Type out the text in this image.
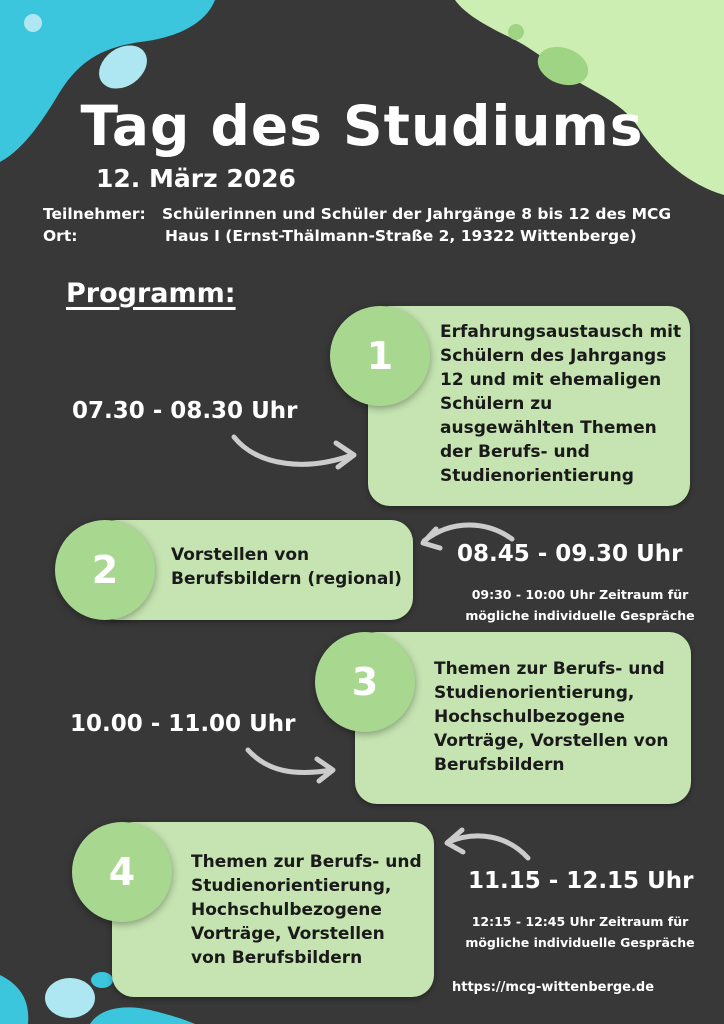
Tag des Studiums
12. März 2026
Teilnehmer: Schülerinnen und Schüler der Jahrgänge 8 bis 12 des MCG
Ort:	Haus I (Ernst-Thälmann-Straße 2, 19322 Wittenberge)
Programm:
1
Erfahrungsaustausch mit
Schülern des Jahrgangs
12 und mit ehemaligen
Schülern zu
ausgewählten Themen
der Berufs- und
Studienorientierung
07.30 - 08.30 Uhr
2	Vorstellen von
Berufsbildern (regional)
08.45 - 09.30 Uhr
09:30 - 10:00 Uhr Zeitraum für
mögliche individuelle Gespräche
3	Themen zur Berufs- und
Studienorientierung,
Hochschulbezogene
Vorträge, Vorstellen von
Berufsbildern
10.00 - 11.00 Uhr
4	Themen zur Berufs- und
Studienorientierung,
Hochschulbezogene
Vorträge, Vorstellen
von Berufsbildern
11.15 - 12.15 Uhr
12:15 - 12:45 Uhr Zeitraum für
mögliche individuelle Gespräche
https://mcg-wittenberge.de
